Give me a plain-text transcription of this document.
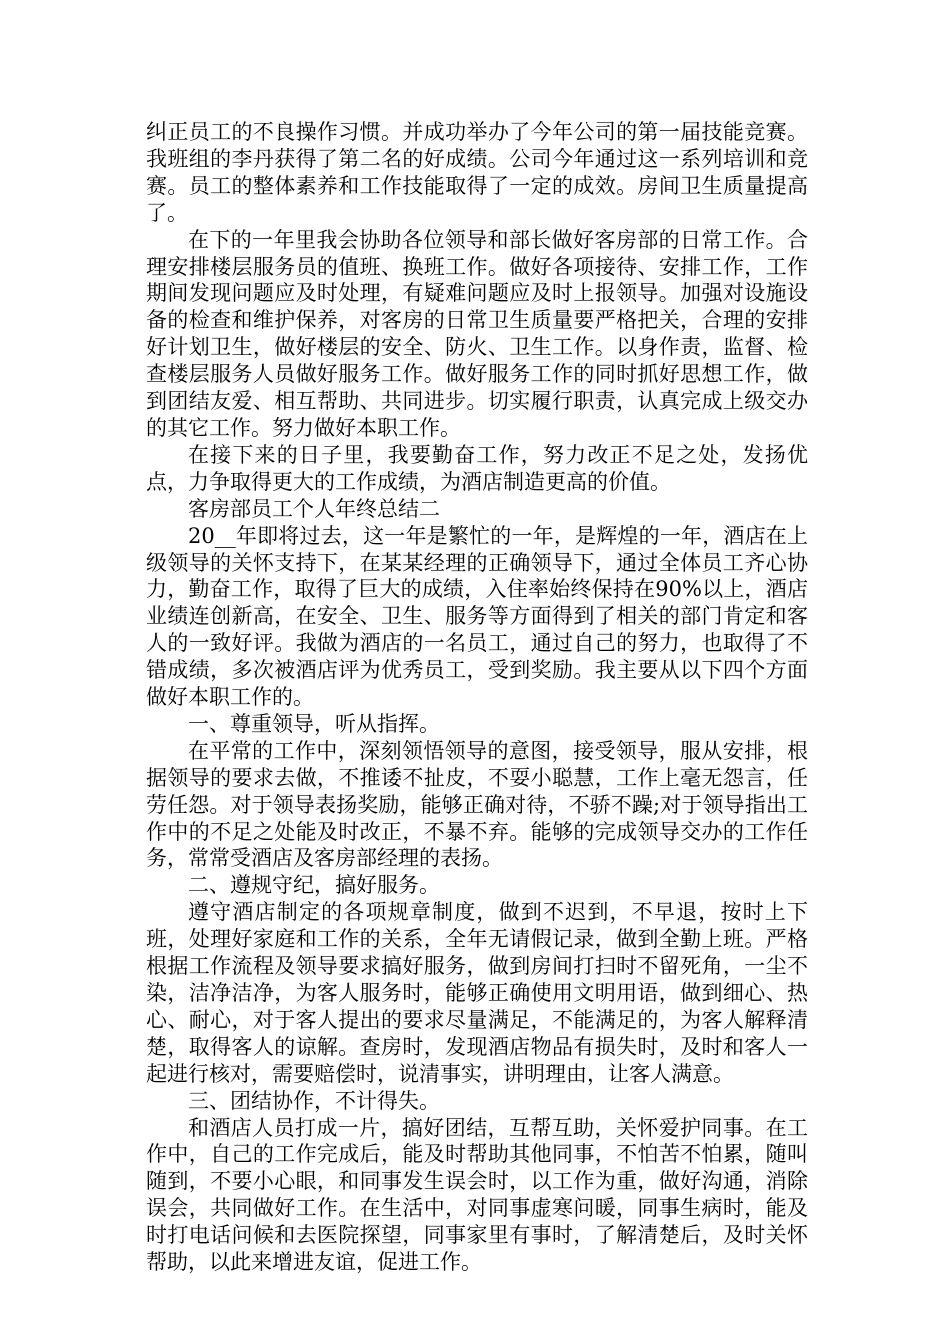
纠正员工的不良操作习惯。并成功举办了今年公司的第一届技能竞赛。我班组的李丹获得了第二名的好成绩。公司今年通过这一系列培训和竞赛。员工的整体素养和工作技能取得了一定的成效。房间卫生质量提高了。

在下的一年里我会协助各位领导和部长做好客房部的日常工作。合理安排楼层服务员的值班、换班工作。做好各项接待、安排工作，工作期间发现问题应及时处理，有疑难问题应及时上报领导。加强对设施设备的检查和维护保养，对客房的日常卫生质量要严格把关，合理的安排好计划卫生，做好楼层的安全、防火、卫生工作。以身作责，监督、检查楼层服务人员做好服务工作。做好服务工作的同时抓好思想工作，做到团结友爱、相互帮助、共同进步。切实履行职责，认真完成上级交办的其它工作。努力做好本职工作。

在接下来的日子里，我要勤奋工作，努力改正不足之处，发扬优点，力争取得更大的工作成绩，为酒店制造更高的价值。

客房部员工个人年终总结二

20__年即将过去，这一年是繁忙的一年，是辉煌的一年，酒店在上级领导的关怀支持下，在某某经理的正确领导下，通过全体员工齐心协力，勤奋工作，取得了巨大的成绩，入住率始终保持在90%以上，酒店业绩连创新高，在安全、卫生、服务等方面得到了相关的部门肯定和客人的一致好评。我做为酒店的一名员工，通过自己的努力，也取得了不错成绩，多次被酒店评为优秀员工，受到奖励。我主要从以下四个方面做好本职工作的。

一、尊重领导，听从指挥。

在平常的工作中，深刻领悟领导的意图，接受领导，服从安排，根据领导的要求去做，不推诿不扯皮，不耍小聪慧，工作上毫无怨言，任劳任怨。对于领导表扬奖励，能够正确对待，不骄不躁;对于领导指出工作中的不足之处能及时改正，不暴不弃。能够的完成领导交办的工作任务，常常受酒店及客房部经理的表扬。

二、遵规守纪，搞好服务。

遵守酒店制定的各项规章制度，做到不迟到，不早退，按时上下班，处理好家庭和工作的关系，全年无请假记录，做到全勤上班。严格根据工作流程及领导要求搞好服务，做到房间打扫时不留死角，一尘不染，洁净洁净，为客人服务时，能够正确使用文明用语，做到细心、热心、耐心，对于客人提出的要求尽量满足，不能满足的，为客人解释清楚，取得客人的谅解。查房时，发现酒店物品有损失时，及时和客人一起进行核对，需要赔偿时，说清事实，讲明理由，让客人满意。

三、团结协作，不计得失。

和酒店人员打成一片，搞好团结，互帮互助，关怀爱护同事。在工作中，自己的工作完成后，能及时帮助其他同事，不怕苦不怕累，随叫随到，不要小心眼，和同事发生误会时，以工作为重，做好沟通，消除误会，共同做好工作。在生活中，对同事虚寒问暖，同事生病时，能及时打电话问候和去医院探望，同事家里有事时，了解清楚后，及时关怀帮助，以此来增进友谊，促进工作。
